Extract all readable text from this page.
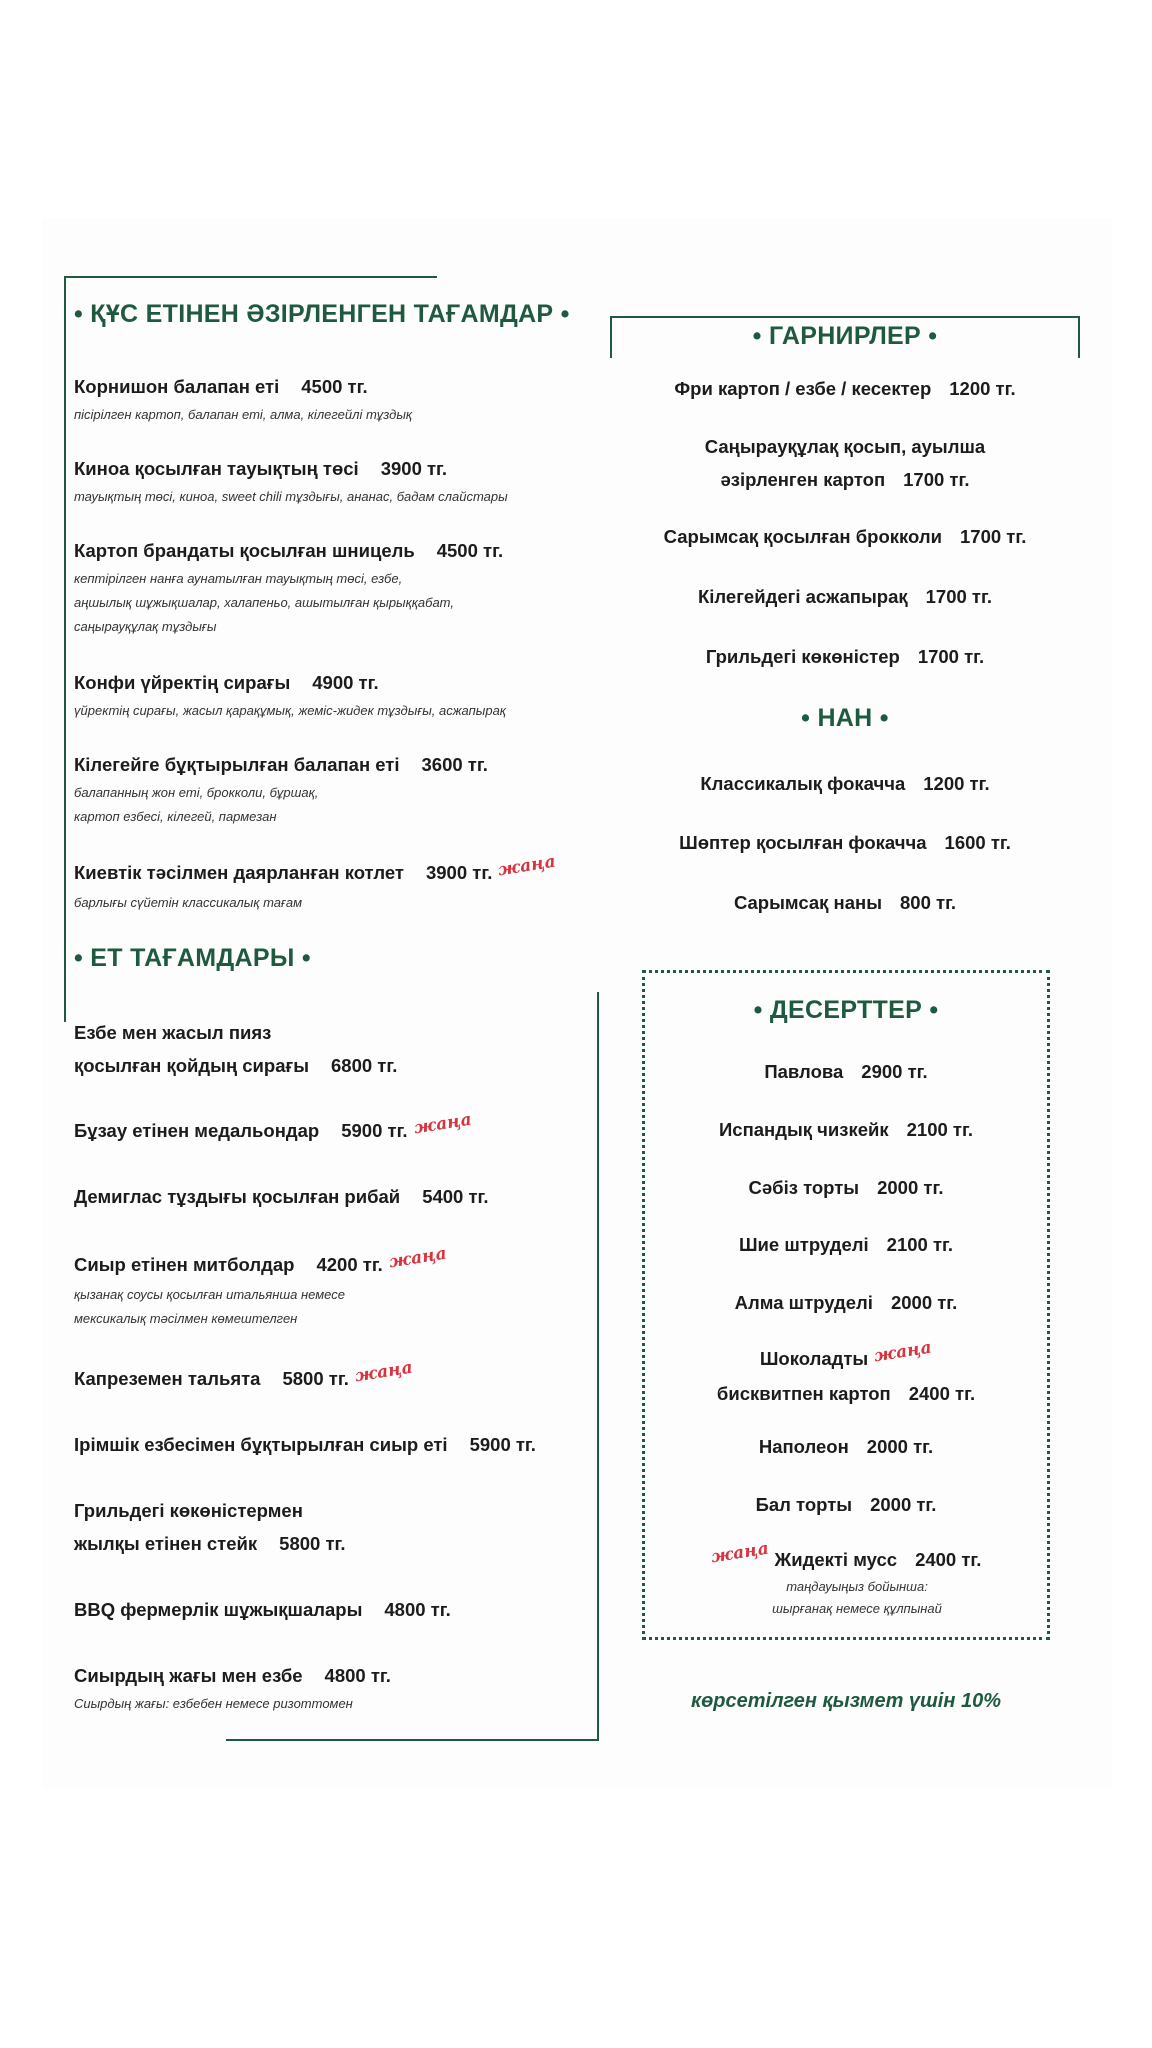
• ҚҰС ЕТІНЕН ӘЗІРЛЕНГЕН ТАҒАМДАР •
Корнишон балапан еті 4500 тг.
пісірілген картоп, балапан еті, алма, кілегейлі тұздық
Киноа қосылған тауықтың төсі 3900 тг.
тауықтың төсі, киноа, sweet chili тұздығы, ананас, бадам слайстары
Картоп брандаты қосылған шницель 4500 тг.
кептірілген нанға аунатылған тауықтың төсі, езбе,
аңшылық шұжықшалар, халапеньо, ашытылған қырыққабат,
саңырауқұлақ тұздығы
Конфи үйректің сирағы 4900 тг.
үйректің сирағы, жасыл қарақұмық, жеміс-жидек тұздығы, асжапырақ
Кілегейге бұқтырылған балапан еті 3600 тг.
балапанның жон еті, брокколи, бұршақ,
картоп езбесі, кілегей, пармезан
Киевтік тәсілмен даярланған котлет 3900 тг. жаңа
барлығы сүйетін классикалық тағам
• ЕТ ТАҒАМДАРЫ •
Езбе мен жасыл пияз
қосылған қойдың сирағы 6800 тг.
Бұзау етінен медальондар 5900 тг. жаңа
Демиглас тұздығы қосылған рибай 5400 тг.
Сиыр етінен митболдар 4200 тг. жаңа
қызанақ соусы қосылған итальянша немесе
мексикалық тәсілмен көмештелген
Капреземен тальята 5800 тг. жаңа
Ірімшік езбесімен бұқтырылған сиыр еті 5900 тг.
Грильдегі көкөністермен
жылқы етінен стейк 5800 тг.
BBQ фермерлік шұжықшалары 4800 тг.
Сиырдың жағы мен езбе 4800 тг.
Сиырдың жағы: езбебен немесе ризоттомен
• ГАРНИРЛЕР •
Фри картоп / езбе / кесектер 1200 тг.
Саңырауқұлақ қосып, ауылша
әзірленген картоп 1700 тг.
Сарымсақ қосылған брокколи 1700 тг.
Кілегейдегі асжапырақ 1700 тг.
Грильдегі көкөністер 1700 тг.
• НАН •
Классикалық фокачча 1200 тг.
Шөптер қосылған фокачча 1600 тг.
Сарымсақ наны 800 тг.
• ДЕСЕРТТЕР •
Павлова 2900 тг.
Испандық чизкейк 2100 тг.
Сәбіз торты 2000 тг.
Шие штруделі 2100 тг.
Алма штруделі 2000 тг.
Шоколадты жаңа
бисквитпен картоп 2400 тг.
Наполеон 2000 тг.
Бал торты 2000 тг.
жаңа Жидекті мусс 2400 тг.
таңдауыңыз бойынша:
шырғанақ немесе құлпынай
көрсетілген қызмет үшін 10%
